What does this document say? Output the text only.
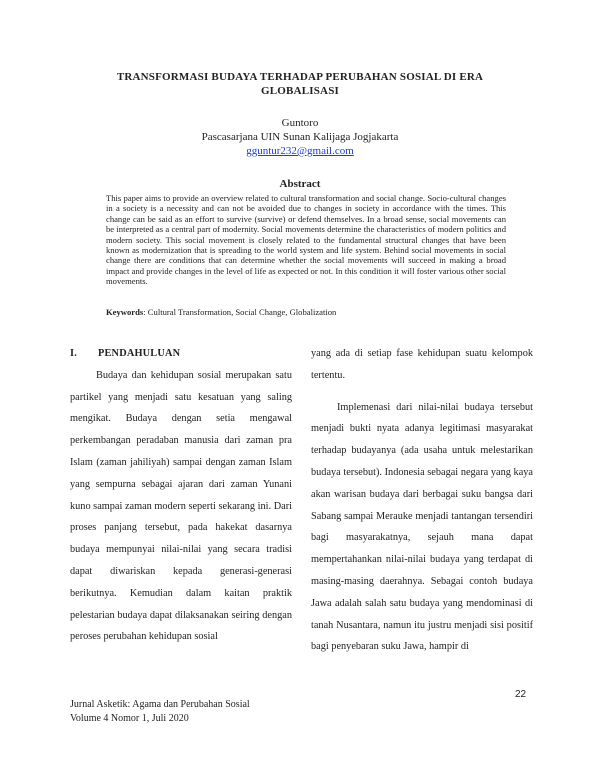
TRANSFORMASI BUDAYA TERHADAP PERUBAHAN SOSIAL DI ERA
GLOBALISASI
Guntoro
Pascasarjana UIN Sunan Kalijaga Jogjakarta
gguntur232@gmail.com
Abstract
This paper aims to provide an overview related to cultural transformation and social change. Socio-cultural changes in a society is a necessity and can not be avoided due to changes in society in accordance with the times. This change can be said as an effort to survive (survive) or defend themselves. In a broad sense, social movements can be interpreted as a central part of modernity. Social movements determine the characteristics of modern politics and modern society. This social movement is closely related to the fundamental structural changes that have been known as modernization that is spreading to the world system and life system. Behind social movements in social change there are conditions that can determine whether the social movements will succeed in making a broad impact and provide changes in the level of life as expected or not. In this condition it will foster various other social movements.
Keywords: Cultural Transformation, Social Change, Globalization
I. PENDAHULUAN

Budaya dan kehidupan sosial merupakan satu partikel yang menjadi satu kesatuan yang saling mengikat. Budaya dengan setia mengawal perkembangan peradaban manusia dari zaman pra Islam (zaman jahiliyah) sampai dengan zaman Islam yang sempurna sebagai ajaran dari zaman Yunani kuno sampai zaman modern seperti sekarang ini. Dari proses panjang tersebut, pada hakekat dasarnya budaya mempunyai nilai-nilai yang secara tradisi dapat diwariskan kepada generasi-generasi berikutnya. Kemudian dalam kaitan praktik pelestarian budaya dapat dilaksanakan seiring dengan peroses perubahan kehidupan sosial

yang ada di setiap fase kehidupan suatu kelompok tertentu.

Implemenasi dari nilai-nilai budaya tersebut menjadi bukti nyata adanya legitimasi masyarakat terhadap budayanya (ada usaha untuk melestarikan budaya tersebut). Indonesia sebagai negara yang kaya akan warisan budaya dari berbagai suku bangsa dari Sabang sampai Merauke menjadi tantangan tersendiri bagi masyarakatnya, sejauh mana dapat mempertahankan nilai-nilai budaya yang terdapat di masing-masing daerahnya. Sebagai contoh budaya Jawa adalah salah satu budaya yang mendominasi di tanah Nusantara, namun itu justru menjadi sisi positif bagi penyebaran suku Jawa, hampir di

22
Jurnal Asketik: Agama dan Perubahan Sosial
Volume 4 Nomor 1, Juli 2020
